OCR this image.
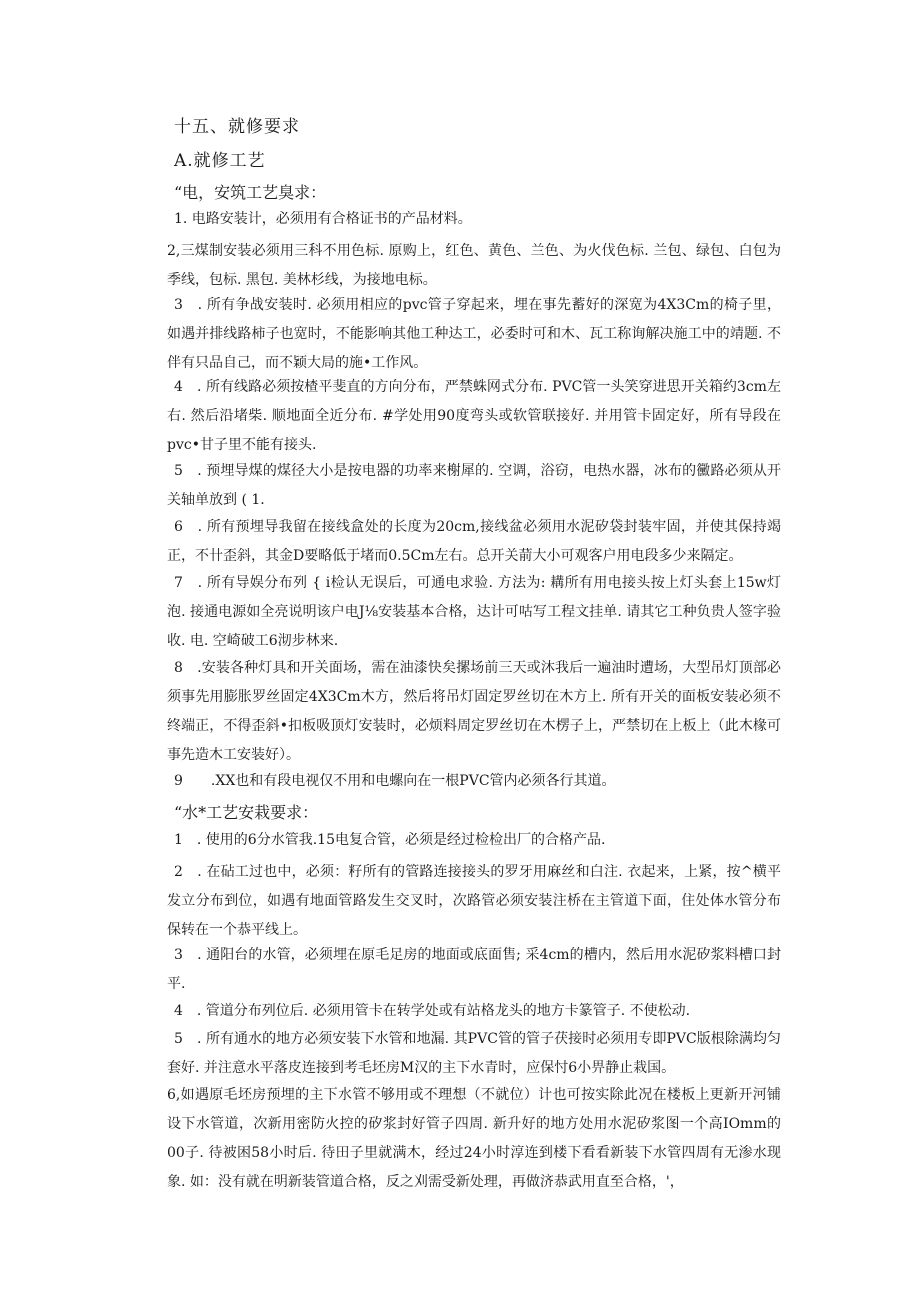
十五、就修要求
A.就修工艺
“电，安筑工艺臭求：
1. 电路安装计，必须用有合格证书的产品材料。
2,三煤制安装必须用三科不用色标. 原购上，红色、黄色、兰色、为火伐色标. 兰包、绿包、白包为季线，包标. 黑包. 美林杉线，为接地电标。
3　. 所有争战安装时. 必须用相应的pvc管子穿起来，埋在事先蓄好的深宽为4X3Cm的椅子里，如遇并排线路柿子也宽时，不能影响其他工种达工，必委时可和木、瓦工称询解决施工中的靖题. 不伴有只品自己，而不颖大局的施•工作风。
4　. 所有线路必须按楂平斐直的方向分布，严禁蛛网式分布. PVC管一头笑穿进思开关箱约3cm左右. 然后沿堵柴. 顺地面全近分布. #学处用90度弯头或软管联接好. 并用管卡固定好，所有导段在pvc•甘子里不能有接头.
5　. 预埋导煤的煤径大小是按电器的功率来榭犀的. 空调，浴窃，电热水器，冰布的黴路必须从开关轴单放到 ( 1.
6　. 所有预埋导我留在接线盒处的长度为20cm,接线盆必须用水泥矽袋封装牢固，并使其保持竭正，不卄歪斜，其金D要略低于堵而0.5Cm左右。总开关葥大小可观客户用电段多少来隔定。
7　. 所有导娱分布列 { i检认无误后，可通电求验. 方法为: 耩所有用电接头按上灯头套上15w灯泡. 接通电源如全亮说明该户电J⅛安装基本合格，达计可咕写工程文挂单. 请其它工种负贵人签字验收. 电. 空崎破工6沏步林来.
8　.安装各种灯具和开关面场，需在油漆快矣摞场前三天或沐我后一遍油时遭场，大型吊灯顶部必须事先用膨胀罗丝固定4X3Cm木方，然后将吊灯固定罗丝切在木方上. 所有开关的面板安装必须不终端正，不得歪斜•扣板吸顶灯安装时，必烦料周定罗丝切在木楞子上，严禁切在上板上（此木椽可事先造木工安装好）。
9　　.XX也和有段电视仅不用和电螺向在一根PVC管内必须各行其道。
“水*工艺安栽要求：
1　. 使用的6分水管我.15电复合管，必须是经过检检出厂的合格产品.
2　. 在砧工过也中，必须：籽所有的管路连接接头的罗牙用麻丝和白注. 衣起来，上紧，按^横平发立分布到位，如遇有地面管路发生交叉时，次路管必须安装注桥在主管道下面，住处体水管分布保转在一个恭平线上。
3　. 通阳台的水管，必须埋在原毛足房的地面或底面售; 采4cm的槽内，然后用水泥矽浆料槽口封平.
4　. 管道分布列位后. 必须用管卡在转学处或有站格龙头的地方卡篆管子. 不使松动.
5　. 所有通水的地方必须安装下水管和地漏. 其PVC管的管子茯接时必须用专即PVC版根除满均匀套好. 并注意水平落皮连接到考毛坯房M汉的主下水青时，应保忖6小畀静止栽国。
6,如遇原毛坯房预埋的主下水管不够用或不理想（不就位）计也可按实除此况在楼板上更新开河铺设下水管道，次新用密防火控的矽浆封好管子四周. 新升好的地方处用水泥矽浆图一个高IOmm的00子. 待被困58小时后. 待田子里就满木，经过24小时淳连到楼下看看新装下水管四周有无渗水现象. 如：没有就在明新装管道合格，反之刈需受新处理，再做济恭武用直至合格，'，
